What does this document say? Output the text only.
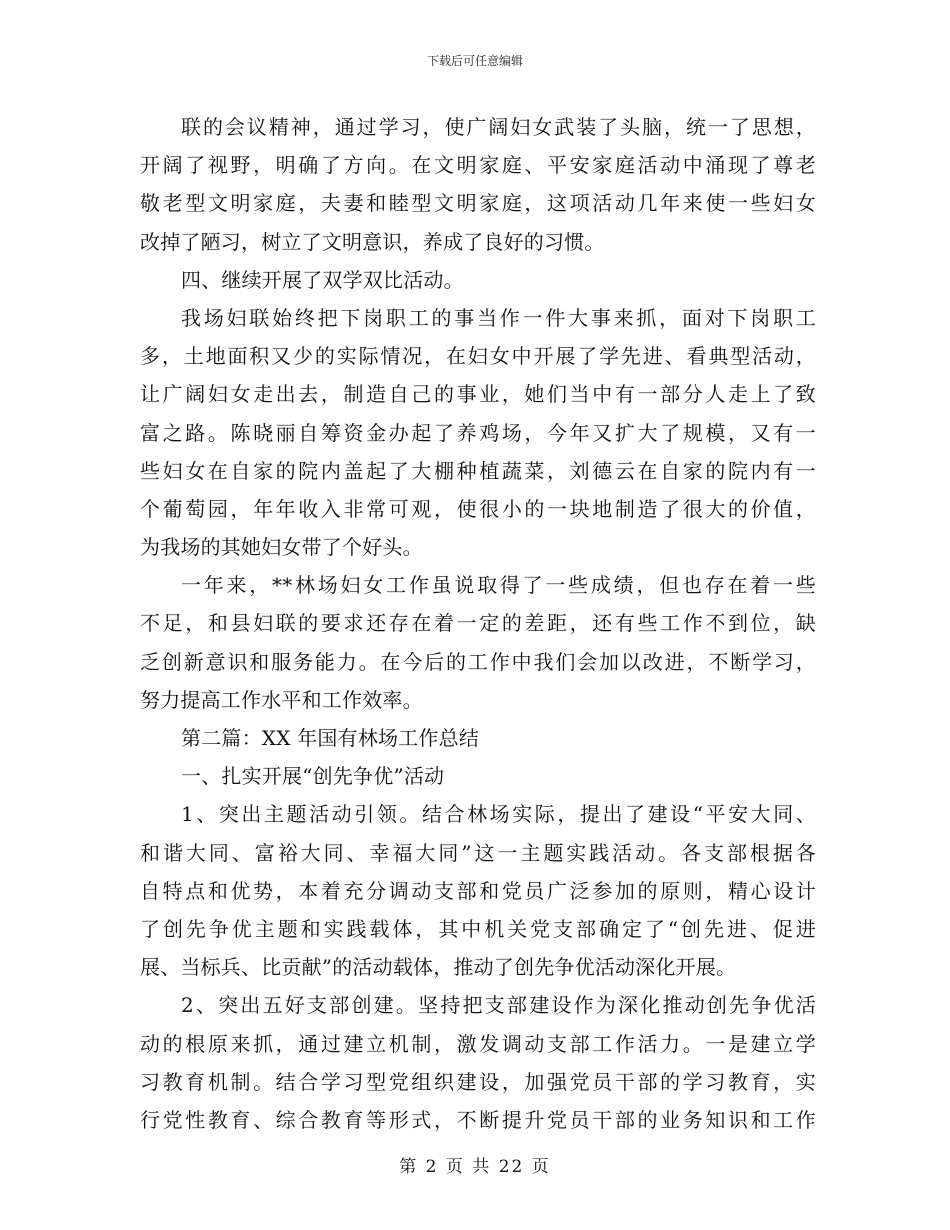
下载后可任意编辑
联的会议精神，通过学习，使广阔妇女武装了头脑，统一了思想，
开阔了视野，明确了方向。在文明家庭、平安家庭活动中涌现了尊老
敬老型文明家庭，夫妻和睦型文明家庭，这项活动几年来使一些妇女
改掉了陋习，树立了文明意识，养成了良好的习惯。
四、继续开展了双学双比活动。
我场妇联始终把下岗职工的事当作一件大事来抓，面对下岗职工
多，土地面积又少的实际情况，在妇女中开展了学先进、看典型活动，
让广阔妇女走出去，制造自己的事业，她们当中有一部分人走上了致
富之路。陈晓丽自筹资金办起了养鸡场，今年又扩大了规模，又有一
些妇女在自家的院内盖起了大棚种植蔬菜，刘德云在自家的院内有一
个葡萄园，年年收入非常可观，使很小的一块地制造了很大的价值，
为我场的其她妇女带了个好头。
一年来，**林场妇女工作虽说取得了一些成绩，但也存在着一些
不足，和县妇联的要求还存在着一定的差距，还有些工作不到位，缺
乏创新意识和服务能力。在今后的工作中我们会加以改进，不断学习，
努力提高工作水平和工作效率。
第二篇：XX 年国有林场工作总结
一、扎实开展“创先争优”活动
1、突出主题活动引领。结合林场实际，提出了建设“平安大同、
和谐大同、富裕大同、幸福大同”这一主题实践活动。各支部根据各
自特点和优势，本着充分调动支部和党员广泛参加的原则，精心设计
了创先争优主题和实践载体，其中机关党支部确定了“创先进、促进
展、当标兵、比贡献”的活动载体，推动了创先争优活动深化开展。
2、突出五好支部创建。坚持把支部建设作为深化推动创先争优活
动的根原来抓，通过建立机制，激发调动支部工作活力。一是建立学
习教育机制。结合学习型党组织建设，加强党员干部的学习教育，实
行党性教育、综合教育等形式，不断提升党员干部的业务知识和工作
第 2 页 共 22 页
